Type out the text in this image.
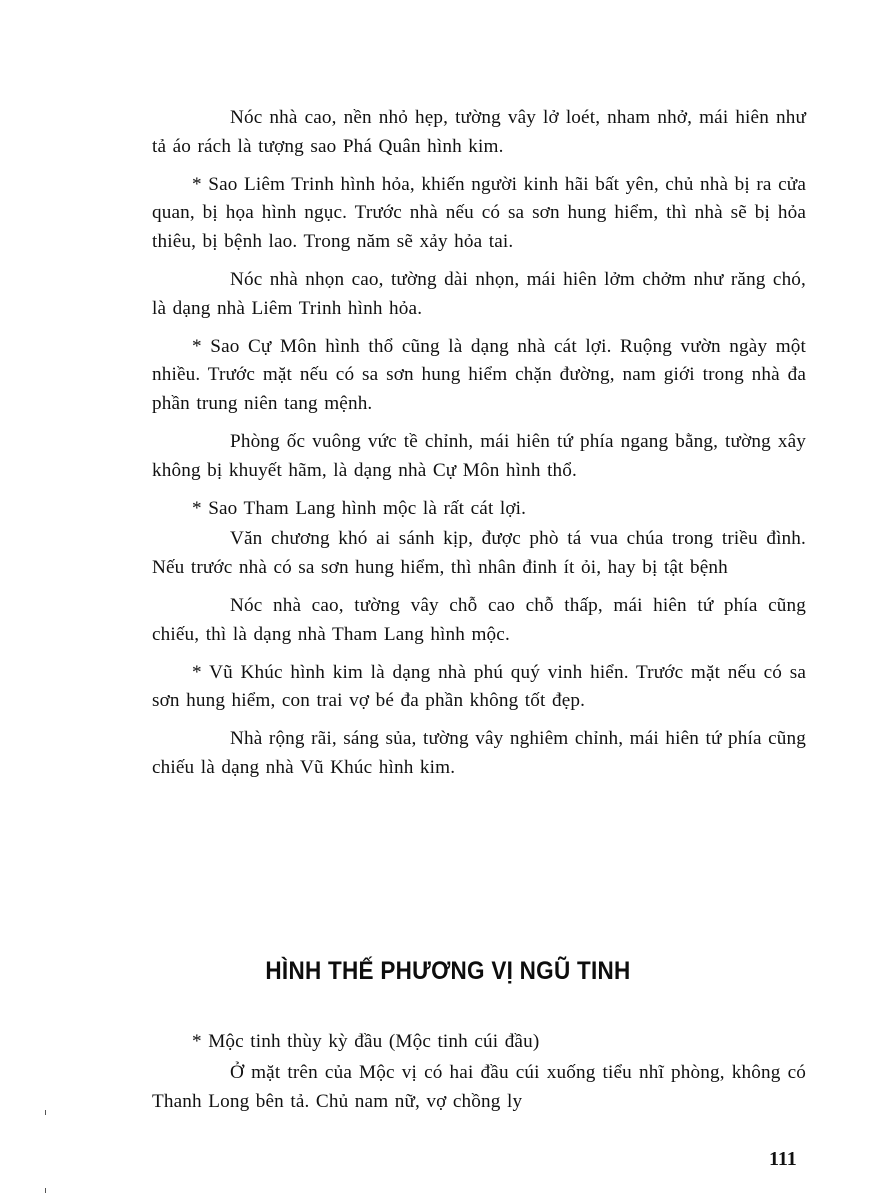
Nóc nhà cao, nền nhỏ hẹp, tường vây lở loét, nham nhở, mái hiên như tả áo rách là tượng sao Phá Quân hình kim.

* Sao Liêm Trinh hình hỏa, khiến người kinh hãi bất yên, chủ nhà bị ra cửa quan, bị họa hình ngục. Trước nhà nếu có sa sơn hung hiểm, thì nhà sẽ bị hỏa thiêu, bị bệnh lao. Trong năm sẽ xảy hỏa tai.

Nóc nhà nhọn cao, tường dài nhọn, mái hiên lởm chởm như răng chó, là dạng nhà Liêm Trinh hình hỏa.

* Sao Cự Môn hình thổ cũng là dạng nhà cát lợi. Ruộng vườn ngày một nhiều. Trước mặt nếu có sa sơn hung hiểm chặn đường, nam giới trong nhà đa phần trung niên tang mệnh.

Phòng ốc vuông vức tề chỉnh, mái hiên tứ phía ngang bằng, tường xây không bị khuyết hãm, là dạng nhà Cự Môn hình thổ.

* Sao Tham Lang hình mộc là rất cát lợi.

Văn chương khó ai sánh kịp, được phò tá vua chúa trong triều đình. Nếu trước nhà có sa sơn hung hiểm, thì nhân đinh ít ỏi, hay bị tật bệnh

Nóc nhà cao, tường vây chỗ cao chỗ thấp, mái hiên tứ phía cũng chiếu, thì là dạng nhà Tham Lang hình mộc.

* Vũ Khúc hình kim là dạng nhà phú quý vinh hiển. Trước mặt nếu có sa sơn hung hiểm, con trai vợ bé đa phần không tốt đẹp.

Nhà rộng rãi, sáng sủa, tường vây nghiêm chỉnh, mái hiên tứ phía cũng chiếu là dạng nhà Vũ Khúc hình kim.

HÌNH THẾ PHƯƠNG VỊ NGŨ TINH

* Mộc tinh thùy kỳ đầu (Mộc tinh cúi đầu)

Ở mặt trên của Mộc vị có hai đầu cúi xuống tiểu nhĩ phòng, không có Thanh Long bên tả. Chủ nam nữ, vợ chồng ly

111
